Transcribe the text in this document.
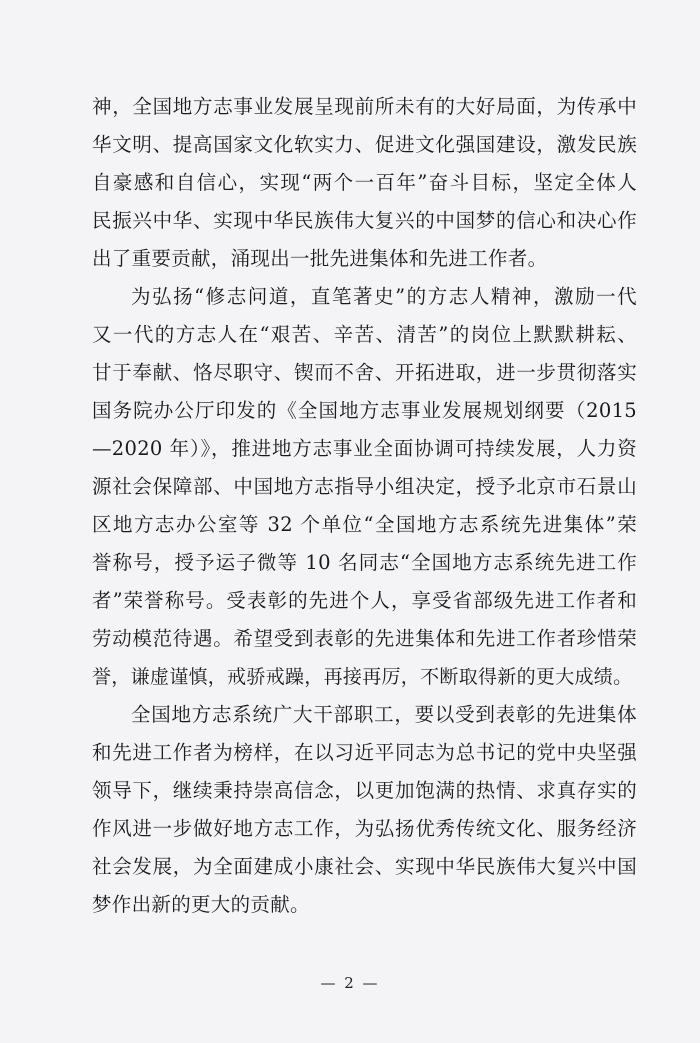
神，全国地方志事业发展呈现前所未有的大好局面，为传承中
华文明、提高国家文化软实力、促进文化强国建设，激发民族
自豪感和自信心，实现“两个一百年”奋斗目标，坚定全体人
民振兴中华、实现中华民族伟大复兴的中国梦的信心和决心作
出了重要贡献，涌现出一批先进集体和先进工作者。
为弘扬“修志问道，直笔著史”的方志人精神，激励一代
又一代的方志人在“艰苦、辛苦、清苦”的岗位上默默耕耘、
甘于奉献、恪尽职守、锲而不舍、开拓进取，进一步贯彻落实
国务院办公厅印发的《全国地方志事业发展规划纲要（2015
—2020 年）》，推进地方志事业全面协调可持续发展，人力资
源社会保障部、中国地方志指导小组决定，授予北京市石景山
区地方志办公室等 32 个单位“全国地方志系统先进集体”荣
誉称号，授予运子微等 10 名同志“全国地方志系统先进工作
者”荣誉称号。受表彰的先进个人，享受省部级先进工作者和
劳动模范待遇。希望受到表彰的先进集体和先进工作者珍惜荣
誉，谦虚谨慎，戒骄戒躁，再接再厉，不断取得新的更大成绩。
全国地方志系统广大干部职工，要以受到表彰的先进集体
和先进工作者为榜样，在以习近平同志为总书记的党中央坚强
领导下，继续秉持崇高信念，以更加饱满的热情、求真存实的
作风进一步做好地方志工作，为弘扬优秀传统文化、服务经济
社会发展，为全面建成小康社会、实现中华民族伟大复兴中国
梦作出新的更大的贡献。
— 2 —
